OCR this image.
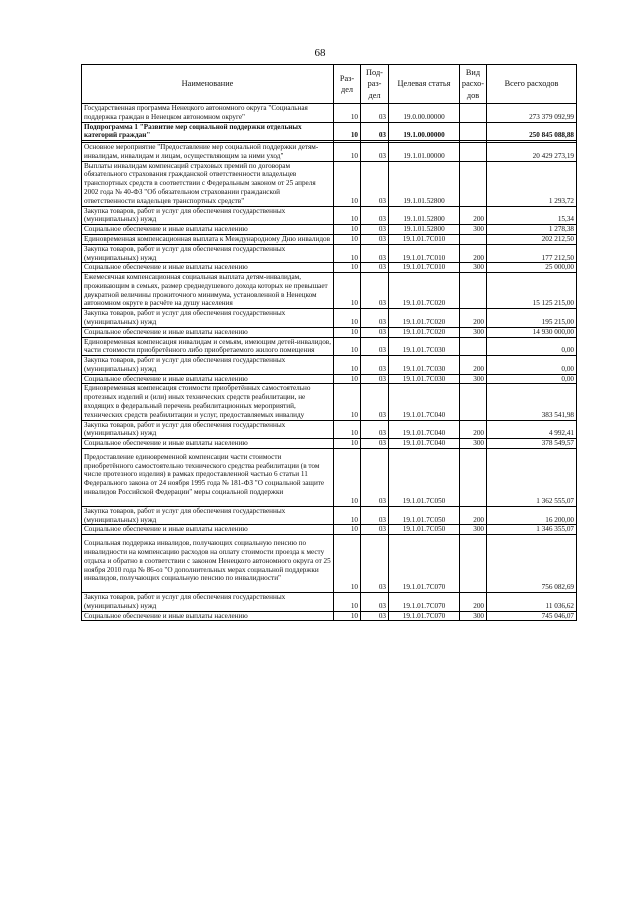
68
Наименование	Раз- дел	Под- раз- дел	Целевая статья	Вид расхо- дов	Всего расходов
Государственная программа Ненецкого автономного округа "Социальная поддержка граждан в Ненецком автономном округе"	10	03	19.0.00.00000		273 379 092,99
Подпрограмма 1 "Развитие мер социальной поддержки отдельных категорий граждан"	10	03	19.1.00.00000		250 845 088,88

Основное мероприятие "Предоставление мер социальной поддержки детям-инвалидам, инвалидам и лицам, осуществляющим за ними уход"	10	03	19.1.01.00000		20 429 273,19
Выплаты инвалидам компенсаций страховых премий по договорам обязательного страхования гражданской ответственности владельцев транспортных средств в соответствии с Федеральным законом от 25 апреля 2002 года № 40-ФЗ "Об обязательном страховании гражданской ответственности владельцев транспортных средств"	10	03	19.1.01.52800		1 293,72
Закупка товаров, работ и услуг для обеспечения государственных (муниципальных) нужд	10	03	19.1.01.52800	200	15,34
Социальное обеспечение и иные выплаты населению	10	03	19.1.01.52800	300	1 278,38
Единовременная компенсационная выплата к Международному Дню инвалидов	10	03	19.1.01.7С010		202 212,50
Закупка товаров, работ и услуг для обеспечения государственных (муниципальных) нужд	10	03	19.1.01.7С010	200	177 212,50
Социальное обеспечение и иные выплаты населению	10	03	19.1.01.7С010	300	25 000,00
Ежемесячная компенсационная социальная выплата детям-инвалидам, проживающим в семьях, размер среднедушевого дохода которых не превышает двукратной величины прожиточного минимума, установленной в Ненецком автономном округе в расчёте на душу населения	10	03	19.1.01.7С020		15 125 215,00
Закупка товаров, работ и услуг для обеспечения государственных (муниципальных) нужд	10	03	19.1.01.7С020	200	195 215,00
Социальное обеспечение и иные выплаты населению	10	03	19.1.01.7С020	300	14 930 000,00
Единовременная компенсация инвалидам и семьям, имеющим детей-инвалидов, части стоимости приобретённого либо приобретаемого жилого помещения	10	03	19.1.01.7С030		0,00
Закупка товаров, работ и услуг для обеспечения государственных (муниципальных) нужд	10	03	19.1.01.7С030	200	0,00
Социальное обеспечение и иные выплаты населению	10	03	19.1.01.7С030	300	0,00
Единовременная компенсация стоимости приобретённых самостоятельно протезных изделий и (или) иных технических средств реабилитации, не входящих в федеральный перечень реабилитационных мероприятий, технических средств реабилитации и услуг, предоставляемых инвалиду	10	03	19.1.01.7С040		383 541,98
Закупка товаров, работ и услуг для обеспечения государственных (муниципальных) нужд	10	03	19.1.01.7С040	200	4 992,41
Социальное обеспечение и иные выплаты населению	10	03	19.1.01.7С040	300	378 549,57
Предоставление единовременной компенсации части стоимости приобретённого самостоятельно технического средства реабилитации (в том числе протезного изделия) в рамках предоставленной частью 6 статьи 11 Федерального закона от 24 ноября 1995 года № 181-ФЗ "О социальной защите инвалидов Российской Федерации" меры социальной поддержки	10	03	19.1.01.7С050		1 362 555,07
Закупка товаров, работ и услуг для обеспечения государственных (муниципальных) нужд	10	03	19.1.01.7С050	200	16 200,00
Социальное обеспечение и иные выплаты населению	10	03	19.1.01.7С050	300	1 346 355,07
Социальная поддержка инвалидов, получающих социальную пенсию по инвалидности на компенсацию расходов на оплату стоимости проезда к месту отдыха и обратно в соответствии с законом Ненецкого автономного округа от 25 ноября 2010 года № 86-оз "О дополнительных мерах социальной поддержки инвалидов, получающих социальную пенсию по инвалидности"	10	03	19.1.01.7С070		756 082,69
Закупка товаров, работ и услуг для обеспечения государственных (муниципальных) нужд	10	03	19.1.01.7С070	200	11 036,62
Социальное обеспечение и иные выплаты населению	10	03	19.1.01.7С070	300	745 046,07
